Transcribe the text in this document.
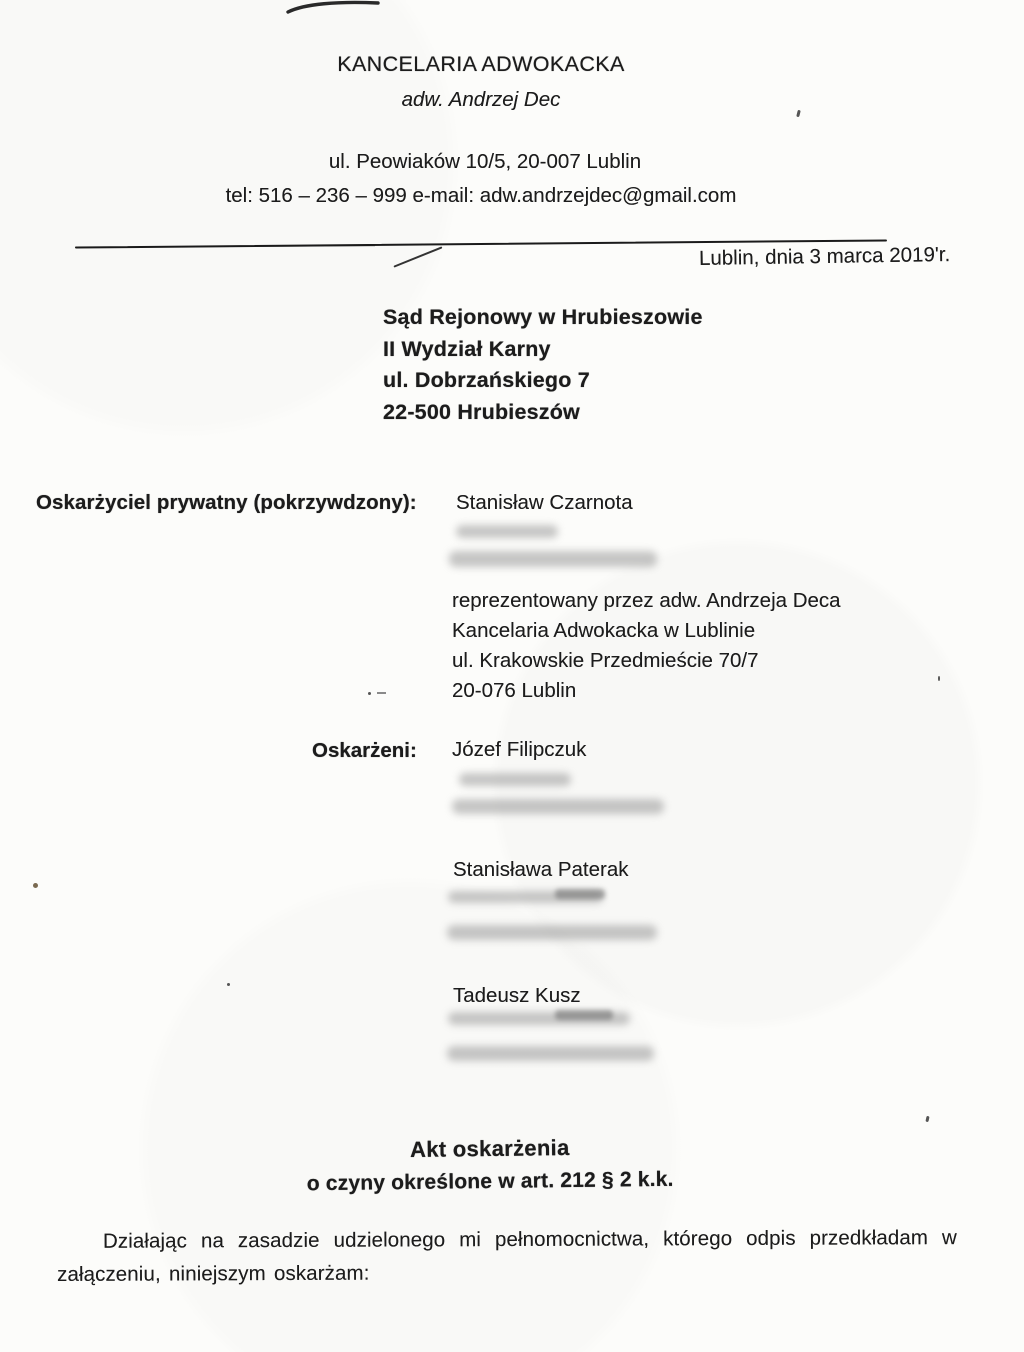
KANCELARIA ADWOKACKA
adw. Andrzej Dec
ul. Peowiaków 10/5, 20-007 Lublin
tel: 516 – 236 – 999 e-mail: adw.andrzejdec@gmail.com
Lublin, dnia 3 marca 2019'r.
Sąd Rejonowy w Hrubieszowie
II Wydział Karny
ul. Dobrzańskiego 7
22-500 Hrubieszów
Oskarżyciel prywatny (pokrzywdzony): Stanisław Czarnota
reprezentowany przez adw. Andrzeja Deca
Kancelaria Adwokacka w Lublinie
ul. Krakowskie Przedmieście 70/7
20-076 Lublin
Oskarżeni: Józef Filipczuk
Stanisława Paterak
Tadeusz Kusz
Akt oskarżenia
o czyny określone w art. 212 § 2 k.k.
Działając na zasadzie udzielonego mi pełnomocnictwa, którego odpis przedkładam w załączeniu, niniejszym oskarżam:
